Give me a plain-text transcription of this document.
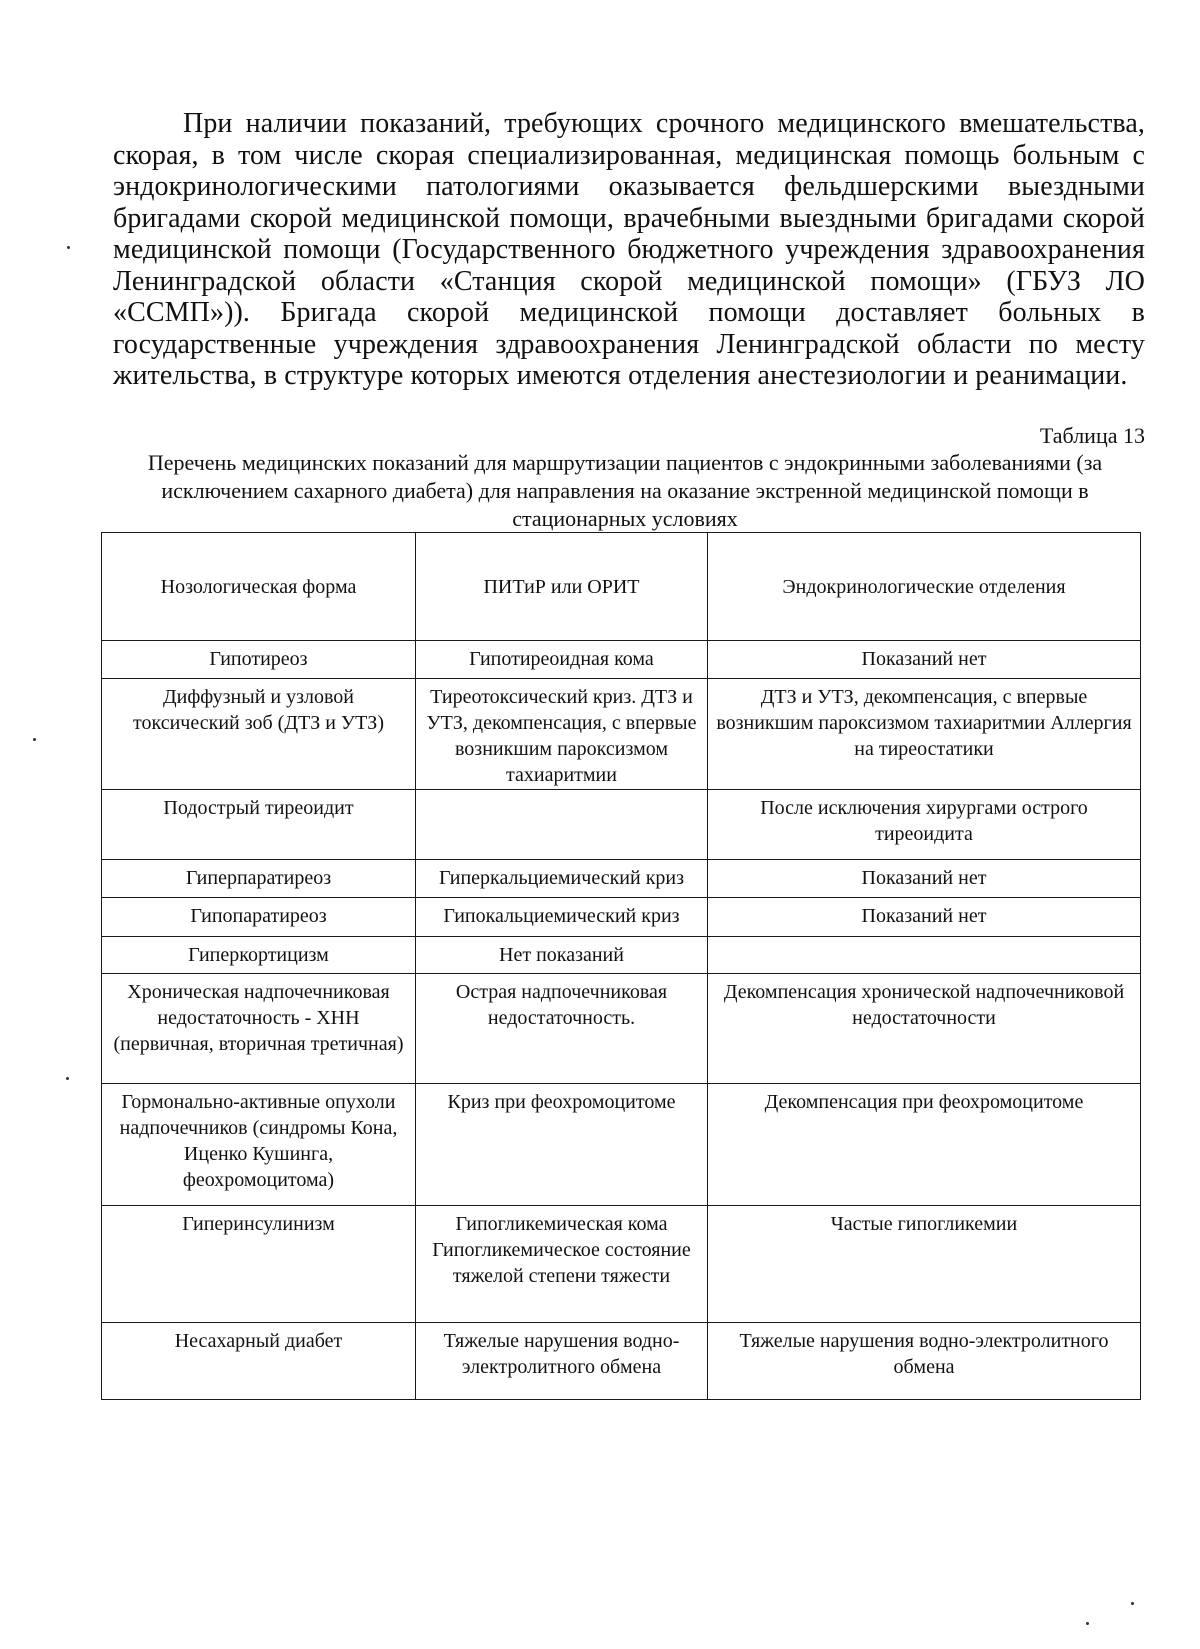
При наличии показаний, требующих срочного медицинского вмешательства, скорая, в том числе скорая специализированная, медицинская помощь больным с эндокринологическими патологиями оказывается фельдшерскими выездными бригадами скорой медицинской помощи, врачебными выездными бригадами скорой медицинской помощи (Государственного бюджетного учреждения здравоохранения Ленинградской области «Станция скорой медицинской помощи» (ГБУЗ ЛО «ССМП»)). Бригада скорой медицинской помощи доставляет больных в государственные учреждения здравоохранения Ленинградской области по месту жительства, в структуре которых имеются отделения анестезиологии и реанимации.

Таблица 13
Перечень медицинских показаний для маршрутизации пациентов с эндокринными заболеваниями (за исключением сахарного диабета) для направления на оказание экстренной медицинской помощи в стационарных условиях
Нозологическая форма	ПИТиР или ОРИТ	Эндокринологические отделения
Гипотиреоз	Гипотиреоидная кома	Показаний нет
Диффузный и узловой токсический зоб (ДТЗ и УТЗ)	Тиреотоксический криз. ДТЗ и УТЗ, декомпенсация, с впервые возникшим пароксизмом тахиаритмии	ДТЗ и УТЗ, декомпенсация, с впервые возникшим пароксизмом тахиаритмии Аллергия на тиреостатики
Подострый тиреоидит		После исключения хирургами острого тиреоидита
Гиперпаратиреоз	Гиперкальциемический криз	Показаний нет
Гипопаратиреоз	Гипокальциемический криз	Показаний нет
Гиперкортицизм	Нет показаний	
Хроническая надпочечниковая недостаточность - ХНН (первичная, вторичная третичная)	Острая надпочечниковая недостаточность.	Декомпенсация хронической надпочечниковой недостаточности
Гормонально-активные опухоли надпочечников (синдромы Кона, Иценко Кушинга, феохромоцитома)	Криз при феохромоцитоме	Декомпенсация при феохромоцитоме
Гиперинсулинизм	Гипогликемическая кома Гипогликемическое состояние тяжелой степени тяжести	Частые гипогликемии
Несахарный диабет	Тяжелые нарушения водно-электролитного обмена	Тяжелые нарушения водно-электролитного обмена
